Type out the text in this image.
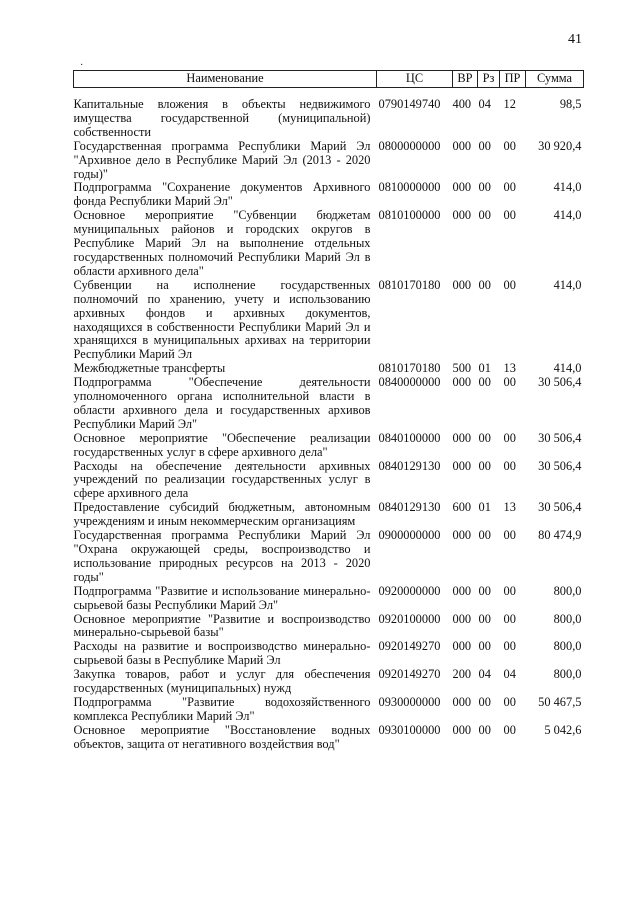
41
·
Наименование	ЦС	ВР	Рз	ПР	Сумма
Капитальные вложения в объекты недвижимого имущества государственной (муниципальной) собственности	0790149740	400	04	12	98,5
Государственная программа Республики Марий Эл "Архивное дело в Республике Марий Эл (2013 - 2020 годы)"	0800000000	000	00	00	30 920,4
Подпрограмма "Сохранение документов Архивного фонда Республики Марий Эл"	0810000000	000	00	00	414,0
Основное мероприятие "Субвенции бюджетам муниципальных районов и городских округов в Республике Марий Эл на выполнение отдельных государственных полномочий Республики Марий Эл в области архивного дела"	0810100000	000	00	00	414,0
Субвенции на исполнение государственных полномочий по хранению, учету и использованию архивных фондов и архивных документов, находящихся в собственности Республики Марий Эл и хранящихся в муниципальных архивах на территории Республики Марий Эл	0810170180	000	00	00	414,0
Межбюджетные трансферты	0810170180	500	01	13	414,0
Подпрограмма "Обеспечение деятельности уполномоченного органа исполнительной власти в области архивного дела и государственных архивов Республики Марий Эл"	0840000000	000	00	00	30 506,4
Основное мероприятие "Обеспечение реализации государственных услуг в сфере архивного дела"	0840100000	000	00	00	30 506,4
Расходы на обеспечение деятельности архивных учреждений по реализации государственных услуг в сфере архивного дела	0840129130	000	00	00	30 506,4
Предоставление субсидий бюджетным, автономным учреждениям и иным некоммерческим организациям	0840129130	600	01	13	30 506,4
Государственная программа Республики Марий Эл "Охрана окружающей среды, воспроизводство и использование природных ресурсов на 2013 - 2020 годы"	0900000000	000	00	00	80 474,9
Подпрограмма "Развитие и использование минерально-сырьевой базы Республики Марий Эл"	0920000000	000	00	00	800,0
Основное мероприятие "Развитие и воспроизводство минерально-сырьевой базы"	0920100000	000	00	00	800,0
Расходы на развитие и воспроизводство минерально-сырьевой базы в Республике Марий Эл	0920149270	000	00	00	800,0
Закупка товаров, работ и услуг для обеспечения государственных (муниципальных) нужд	0920149270	200	04	04	800,0
Подпрограмма "Развитие водохозяйственного комплекса Республики Марий Эл"	0930000000	000	00	00	50 467,5
Основное мероприятие "Восстановление водных объектов, защита от негативного воздействия вод"	0930100000	000	00	00	5 042,6
